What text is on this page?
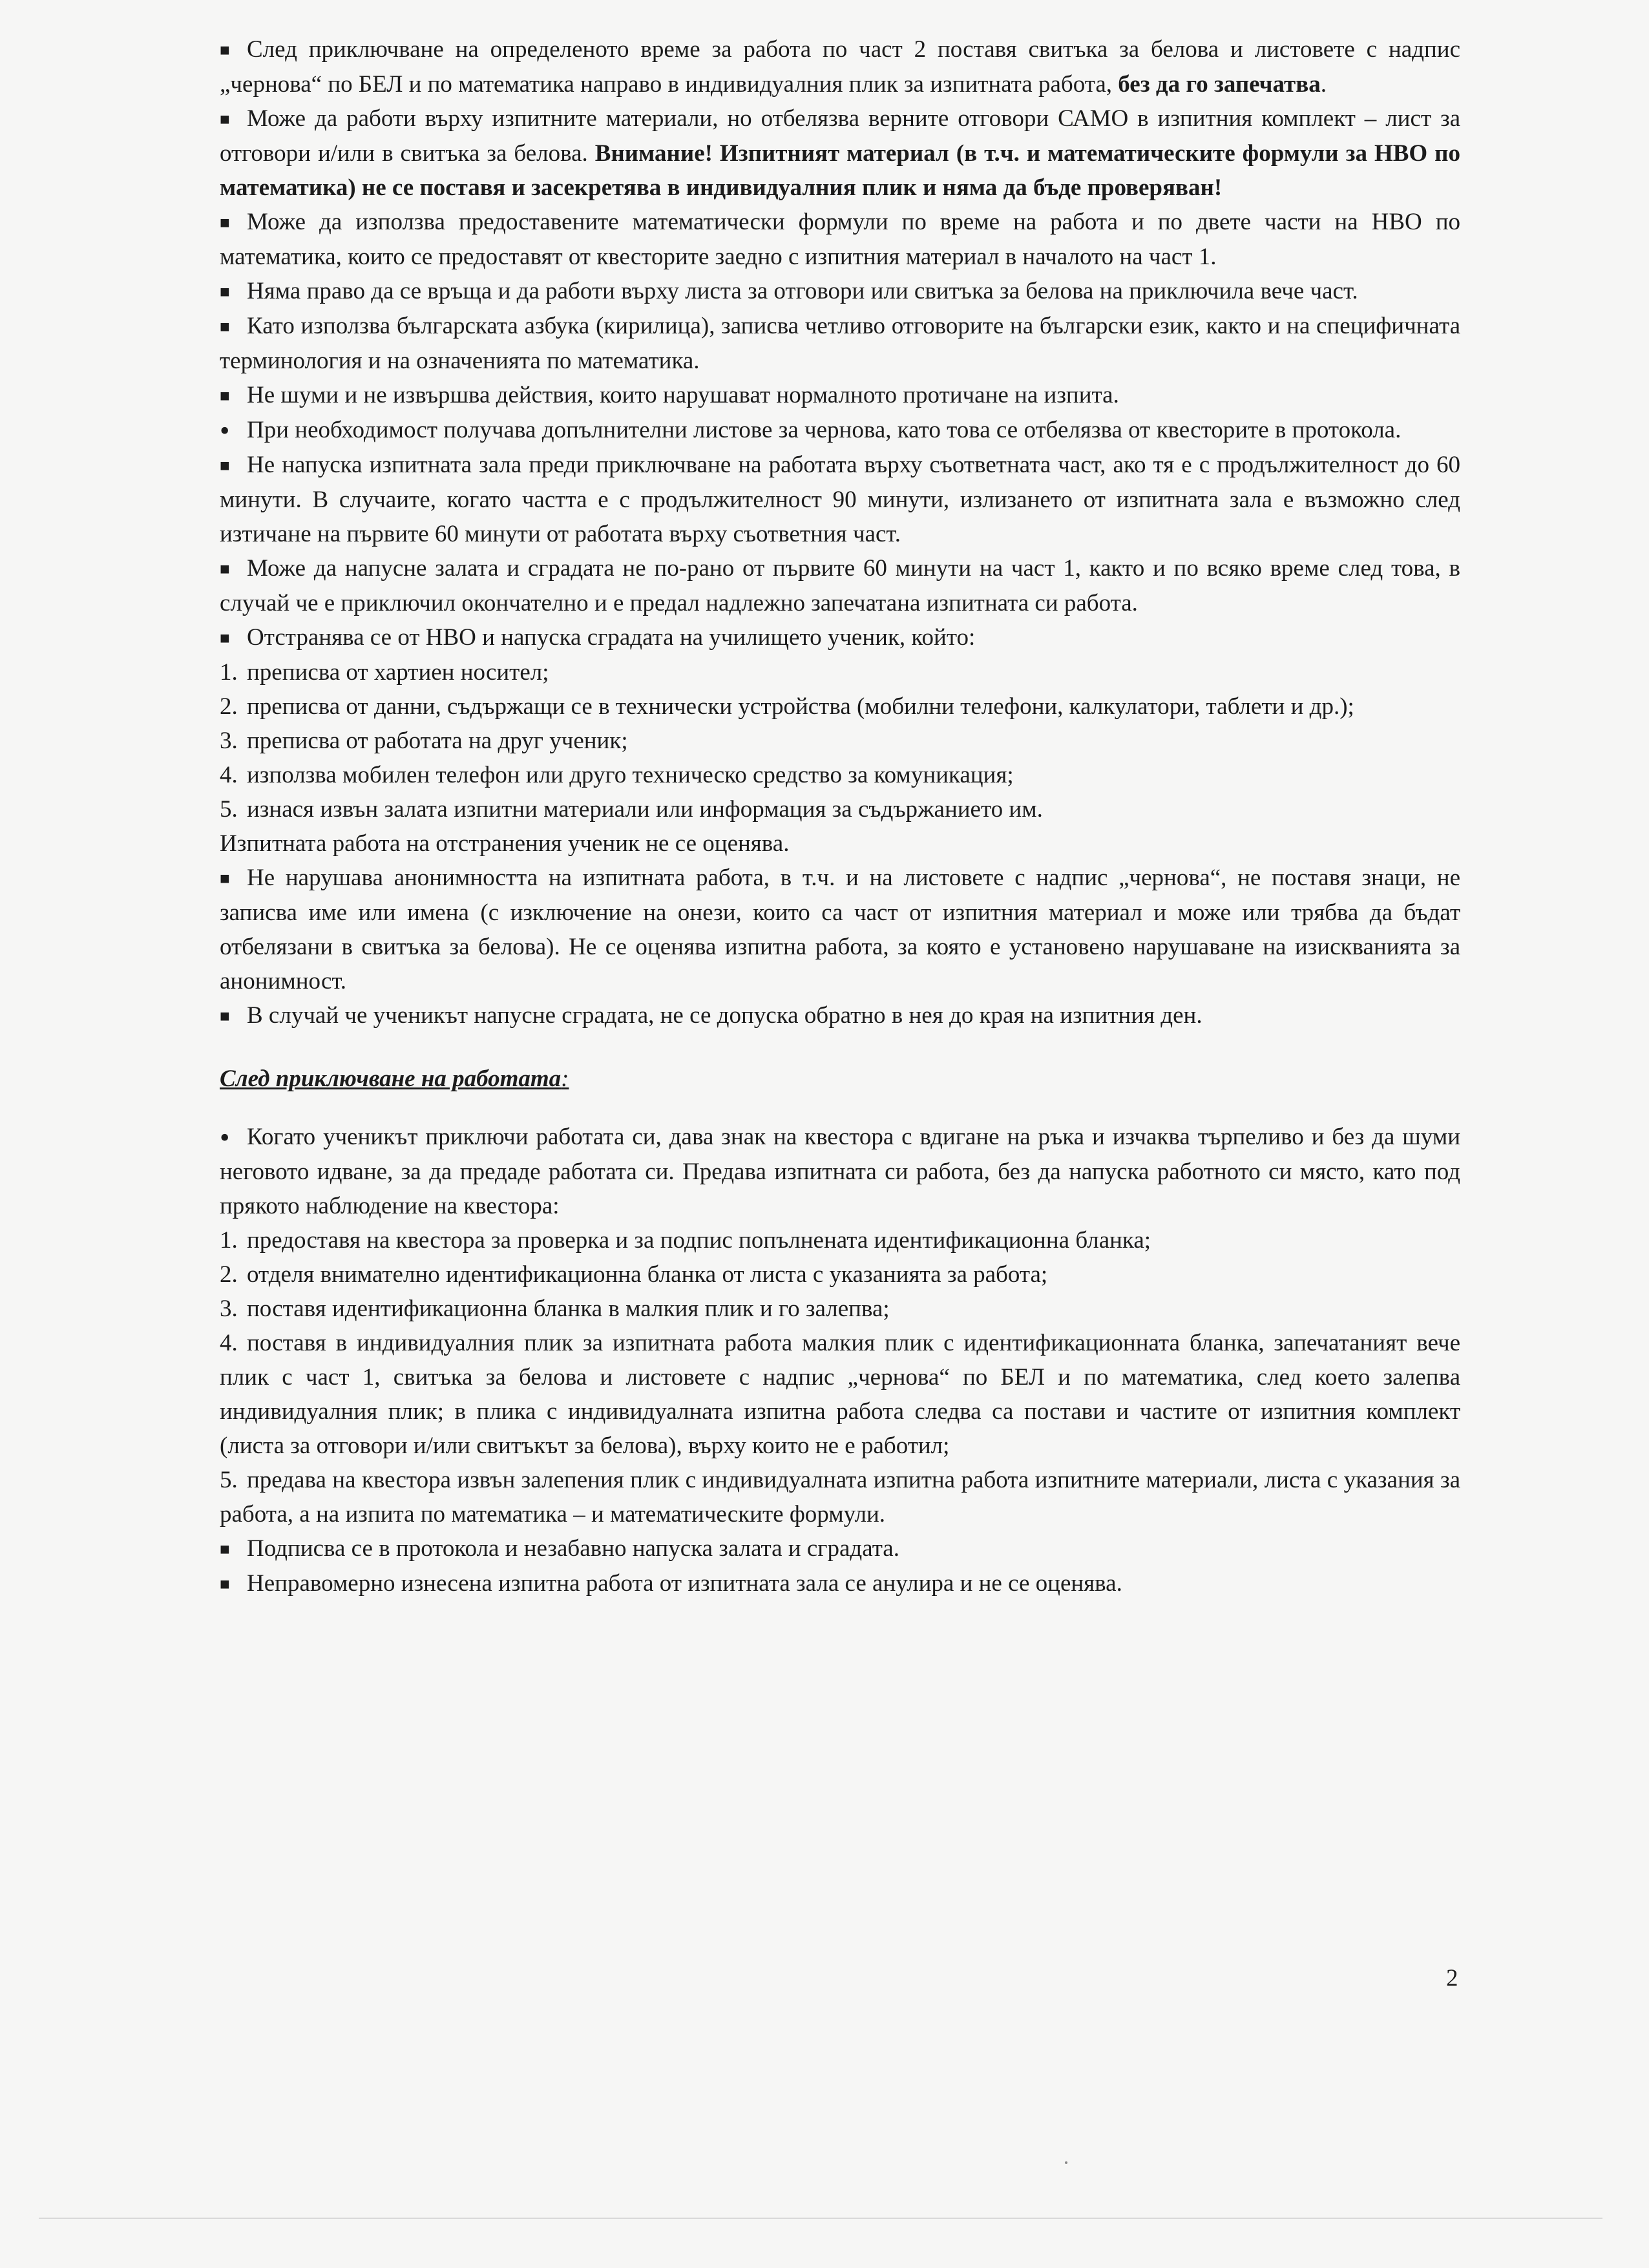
■ След приключване на определеното време за работа по част 2 поставя свитъка за белова и листовете с надпис „чернова“ по БЕЛ и по математика направо в индивидуалния плик за изпитната работа, без да го запечатва.

■ Може да работи върху изпитните материали, но отбелязва верните отговори САМО в изпитния комплект – лист за отговори и/или в свитъка за белова. Внимание! Изпитният материал (в т.ч. и математическите формули за НВО по математика) не се поставя и засекретява в индивидуалния плик и няма да бъде проверяван!

■ Може да използва предоставените математически формули по време на работа и по двете части на НВО по математика, които се предоставят от квесторите заедно с изпитния материал в началото на част 1.

■ Няма право да се връща и да работи върху листа за отговори или свитъка за белова на приключила вече част.

■ Като използва българската азбука (кирилица), записва четливо отговорите на български език, както и на специфичната терминология и на означенията по математика.

■ Не шуми и не извършва действия, които нарушават нормалното протичане на изпита.

• При необходимост получава допълнителни листове за чернова, като това се отбелязва от квесторите в протокола.

■ Не напуска изпитната зала преди приключване на работата върху съответната част, ако тя е с продължителност до 60 минути. В случаите, когато частта е с продължителност 90 минути, излизането от изпитната зала е възможно след изтичане на първите 60 минути от работата върху съответния част.

■ Може да напусне залата и сградата не по-рано от първите 60 минути на част 1, както и по всяко време след това, в случай че е приключил окончателно и е предал надлежно запечатана изпитната си работа.

■ Отстранява се от НВО и напуска сградата на училището ученик, който:

1. преписва от хартиен носител;

2. преписва от данни, съдържащи се в технически устройства (мобилни телефони, калкулатори, таблети и др.);

3. преписва от работата на друг ученик;

4. използва мобилен телефон или друго техническо средство за комуникация;

5. изнася извън залата изпитни материали или информация за съдържанието им.

Изпитната работа на отстранения ученик не се оценява.

■ Не нарушава анонимността на изпитната работа, в т.ч. и на листовете с надпис „чернова“, не поставя знаци, не записва име или имена (с изключение на онези, които са част от изпитния материал и може или трябва да бъдат отбелязани в свитъка за белова). Не се оценява изпитна работа, за която е установено нарушаване на изискванията за анонимност.

■ В случай че ученикът напусне сградата, не се допуска обратно в нея до края на изпитния ден.

След приключване на работата:

• Когато ученикът приключи работата си, дава знак на квестора с вдигане на ръка и изчаква търпеливо и без да шуми неговото идване, за да предаде работата си. Предава изпитната си работа, без да напуска работното си място, като под прякото наблюдение на квестора:

1. предоставя на квестора за проверка и за подпис попълнената идентификационна бланка;

2. отделя внимателно идентификационна бланка от листа с указанията за работа;

3. поставя идентификационна бланка в малкия плик и го залепва;

4. поставя в индивидуалния плик за изпитната работа малкия плик с идентификационната бланка, запечатаният вече плик с част 1, свитъка за белова и листовете с надпис „чернова“ по БЕЛ и по математика, след което залепва индивидуалния плик; в плика с индивидуалната изпитна работа следва са постави и частите от изпитния комплект (листа за отговори и/или свитъкът за белова), върху които не е работил;

5. предава на квестора извън залепения плик с индивидуалната изпитна работа изпитните материали, листа с указания за работа, а на изпита по математика – и математическите формули.

■ Подписва се в протокола и незабавно напуска залата и сградата.

■ Неправомерно изнесена изпитна работа от изпитната зала се анулира и не се оценява.

2
